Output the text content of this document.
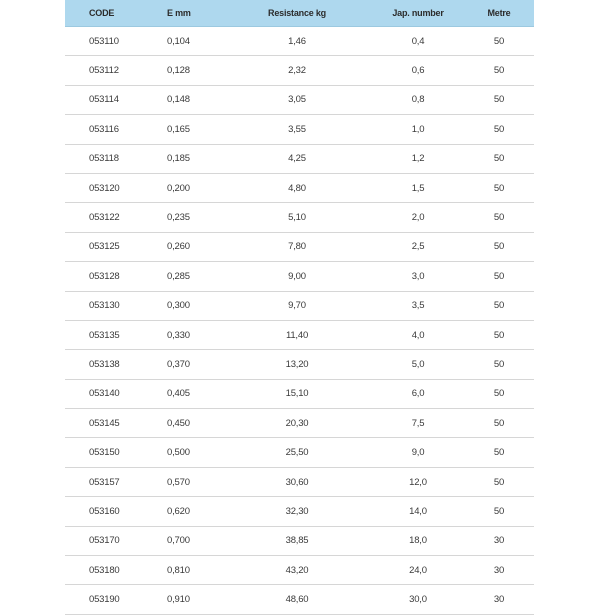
CODE	E mm	Resistance kg	Jap. number	Metre
053110	0,104	1,46	0,4	50
053112	0,128	2,32	0,6	50
053114	0,148	3,05	0,8	50
053116	0,165	3,55	1,0	50
053118	0,185	4,25	1,2	50
053120	0,200	4,80	1,5	50
053122	0,235	5,10	2,0	50
053125	0,260	7,80	2,5	50
053128	0,285	9,00	3,0	50
053130	0,300	9,70	3,5	50
053135	0,330	11,40	4,0	50
053138	0,370	13,20	5,0	50
053140	0,405	15,10	6,0	50
053145	0,450	20,30	7,5	50
053150	0,500	25,50	9,0	50
053157	0,570	30,60	12,0	50
053160	0,620	32,30	14,0	50
053170	0,700	38,85	18,0	30
053180	0,810	43,20	24,0	30
053190	0,910	48,60	30,0	30
